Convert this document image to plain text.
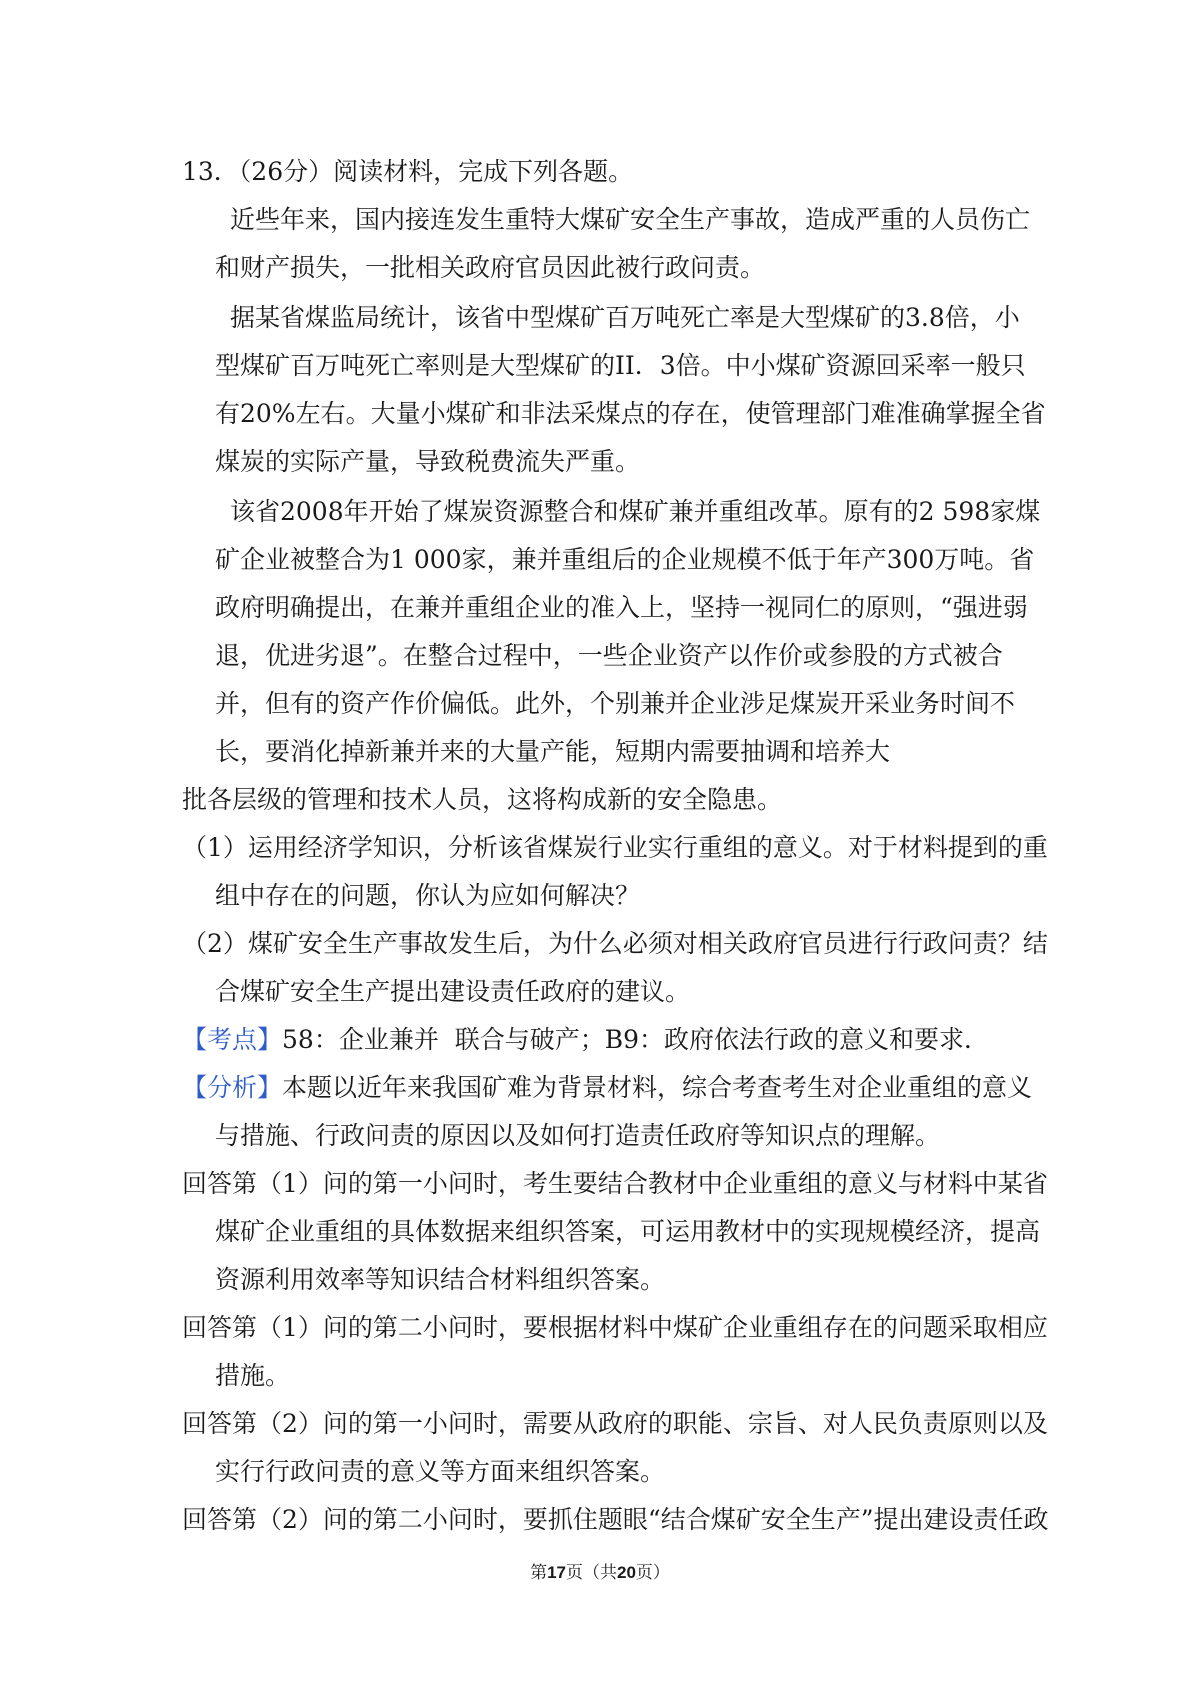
13．（26分）阅读材料，完成下列各题。

近些年来，国内接连发生重特大煤矿安全生产事故，造成严重的人员伤亡

和财产损失，一批相关政府官员因此被行政问责。

据某省煤监局统计，该省中型煤矿百万吨死亡率是大型煤矿的3.8倍，小

型煤矿百万吨死亡率则是大型煤矿的II．3倍。中小煤矿资源回采率一般只

有20%左右。大量小煤矿和非法采煤点的存在，使管理部门难准确掌握全省

煤炭的实际产量，导致税费流失严重。

该省2008年开始了煤炭资源整合和煤矿兼并重组改革。原有的2 598家煤

矿企业被整合为1 000家，兼并重组后的企业规模不低于年产300万吨。省

政府明确提出，在兼并重组企业的准入上，坚持一视同仁的原则，“强进弱

退，优进劣退”。在整合过程中，一些企业资产以作价或参股的方式被合

并，但有的资产作价偏低。此外，个别兼并企业涉足煤炭开采业务时间不

长，要消化掉新兼并来的大量产能，短期内需要抽调和培养大

批各层级的管理和技术人员，这将构成新的安全隐患。

（1）运用经济学知识，分析该省煤炭行业实行重组的意义。对于材料提到的重

组中存在的问题，你认为应如何解决？

（2）煤矿安全生产事故发生后，为什么必须对相关政府官员进行行政问责？结

合煤矿安全生产提出建设责任政府的建议。

【考点】58：企业兼并  联合与破产；B9：政府依法行政的意义和要求．

【分析】本题以近年来我国矿难为背景材料，综合考查考生对企业重组的意义

与措施、行政问责的原因以及如何打造责任政府等知识点的理解。

回答第（1）问的第一小问时，考生要结合教材中企业重组的意义与材料中某省

煤矿企业重组的具体数据来组织答案，可运用教材中的实现规模经济，提高

资源利用效率等知识结合材料组织答案。

回答第（1）问的第二小问时，要根据材料中煤矿企业重组存在的问题采取相应

措施。

回答第（2）问的第一小问时，需要从政府的职能、宗旨、对人民负责原则以及

实行行政问责的意义等方面来组织答案。

回答第（2）问的第二小问时，要抓住题眼“结合煤矿安全生产”提出建设责任政

第17页（共20页）
